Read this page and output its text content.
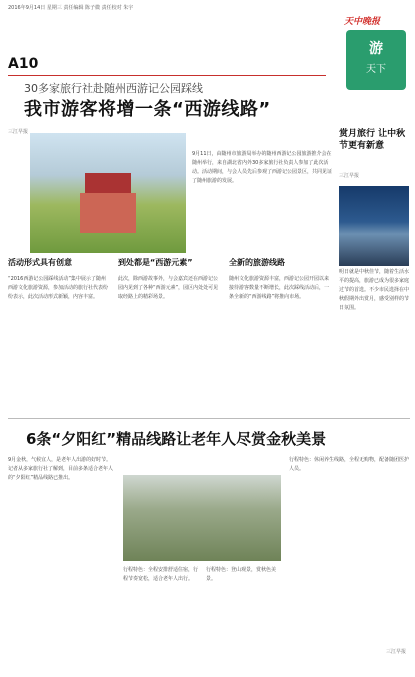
2016年9月14日 星期三 责任编辑 陈子微 责任校对 朱宇
A10
30多家旅行社赴随州西游记公园踩线
我市游客将增一条“西游线路”
三江早报
天中晚报
游
天下
9月11日，由随州市旅游局举办的随州西游记公园旅游推介会在随州举行，来自湖北省内外30多家旅行社负责人参加了此次活动。活动期间，与会人员先后参观了西游记公园景区，共同见证了随州旅游的发展。
赏月旅行 让中秋节更有新意
三江早报
明日就是中秋佳节，随着生活水平的提高，旅游已成为很多家庭过节的首选。不少市民选择在中秋假期外出赏月，感受别样的节日氛围。
活动形式具有创意	到处都是“西游元素”	全新的旅游线路
“2016西游记公园踩线活动”集中展示了随州西游文化旅游资源，参加活动的旅行社代表纷纷表示，此次活动形式新颖，内容丰富。
此次，除西游故事外，与会嘉宾还在西游记公园内见到了各种“西游元素”，园区内处处可见取经路上的精彩场景。
随州文化旅游资源丰富，西游记公园开园以来接待游客数量不断增长，此次踩线活动后，一条全新的“西游线路”将推向市场。
6条“夕阳红”精品线路让老年人尽赏金秋美景
9月金秋，气候宜人，是老年人出游的好时节。记者从多家旅行社了解到，目前多条适合老年人的“夕阳红”精品线路已推出。
行程特色：全程安排舒适住宿，行程节奏宽松，适合老年人出行。
行程特色：登山观景，赏秋色美景。
行程特色：休闲养生线路，全程无购物，配备随团医护人员。
三江早报
